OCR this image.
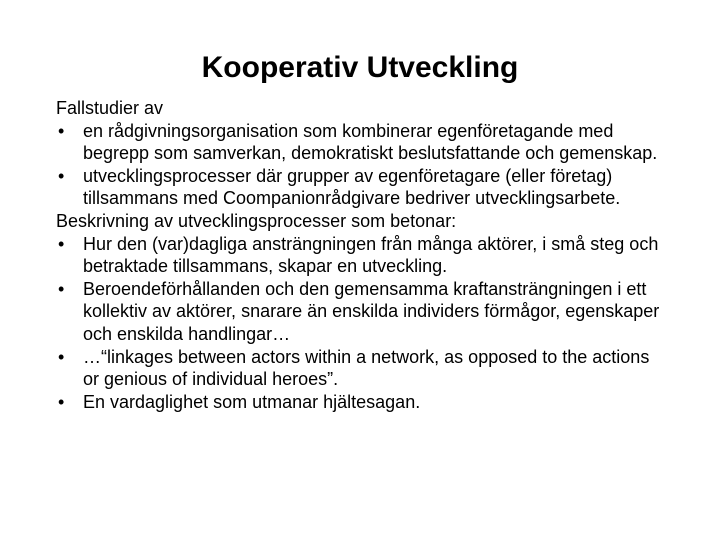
Kooperativ Utveckling

Fallstudier av

• en rådgivningsorganisation som kombinerar egenföretagande med begrepp som samverkan, demokratiskt beslutsfattande och gemenskap.

• utvecklingsprocesser där grupper av egenföretagare (eller företag) tillsammans med Coompanionrådgivare bedriver utvecklingsarbete.

Beskrivning av utvecklingsprocesser som betonar:

• Hur den (var)dagliga ansträngningen från många aktörer, i små steg och betraktade tillsammans, skapar en utveckling.

• Beroendeförhållanden och den gemensamma kraftansträngningen i ett kollektiv av aktörer, snarare än enskilda individers förmågor, egenskaper och enskilda handlingar…

• …“linkages between actors within a network, as opposed to the actions or genious of individual heroes”.

• En vardaglighet som utmanar hjältesagan.
